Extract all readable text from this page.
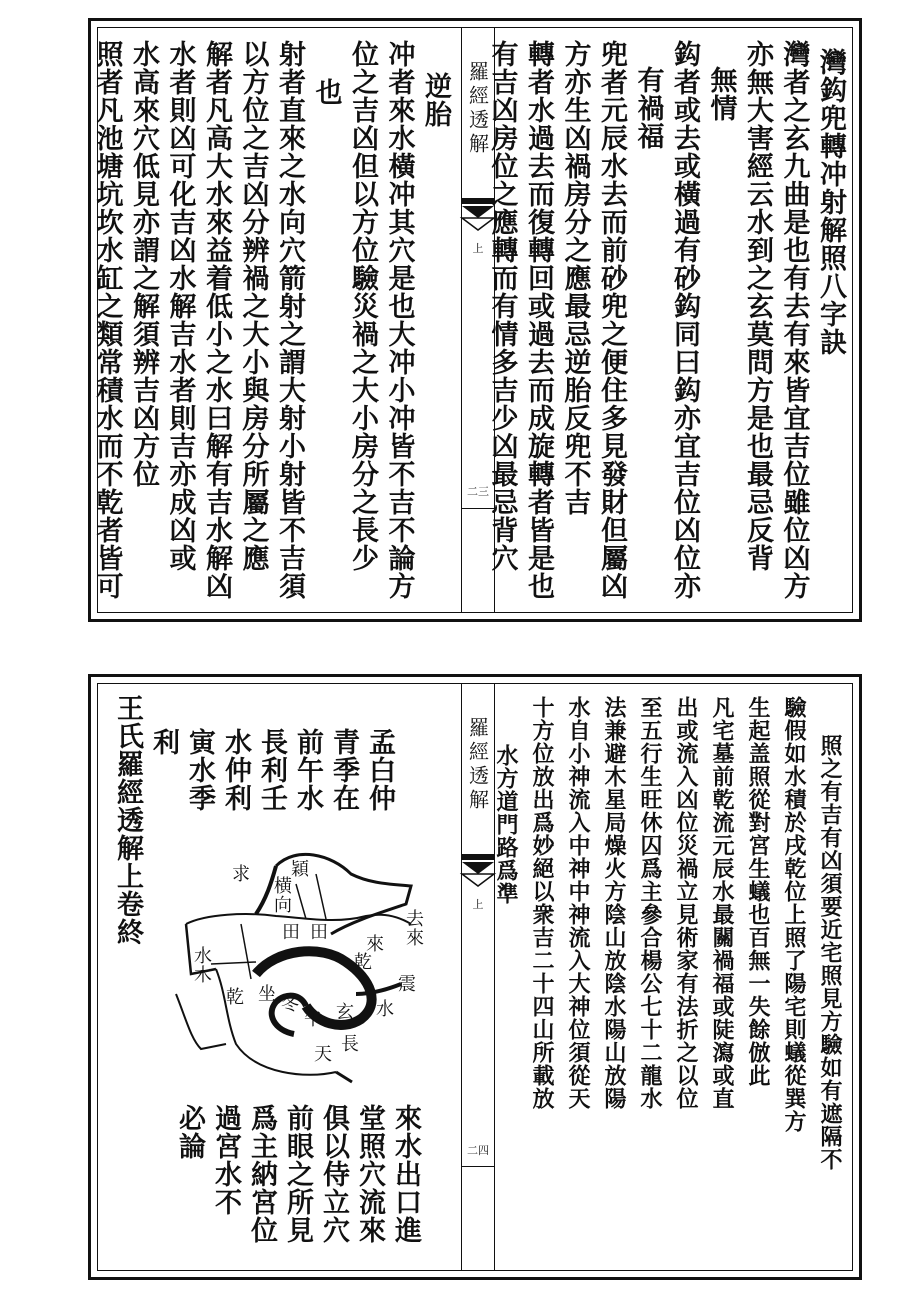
逆胎
冲者來水橫冲其穴是也大冲小冲皆不吉不論方
位之吉凶但以方位驗災禍之大小房分之長少
也
射者直來之水向穴箭射之謂大射小射皆不吉須
以方位之吉凶分辨禍之大小與房分所屬之應
解者凡高大水來益着低小之水曰解有吉水解凶
水者則凶可化吉凶水解吉水者則吉亦成凶或
水高來穴低見亦謂之解須辨吉凶方位
照者凡池塘坑坎水缸之類常積水而不亁者皆可	羅經透解
上
二三
灣鈎兜轉冲射解照八字訣
灣者之玄九曲是也有去有來皆宜吉位雖位凶方
亦無大害經云水到之玄莫問方是也最忌反背
無情
鈎者或去或橫過有砂鈎同曰鈎亦宜吉位凶位亦
有禍福
兜者元辰水去而前砂兜之便住多見發財但屬凶
方亦生凶禍房分之應最忌逆胎反兜不吉
轉者水過去而復轉回或過去而成旋轉者皆是也
有吉凶房位之應轉而有情多吉少凶最忌背穴
孟白仲
青季在
前午水
長利壬
水仲利
寅水季
利
王氏羅經透解上卷終
來水出口進
堂照穴流來
俱以侍立穴
前眼之所見
爲主納宮位
過宮水不
必論
穎
横向
求
田
田	去來
來
乾
水木
乾 冬
午 玄
震
水
長
天
坐
羅經透解
上
二四	照之有吉有凶須要近宅照見方驗如有遮隔不
驗假如水積於戌乾位上照了陽宅則蟻從巽方
生起盖照從對宮生蟻也百無一失餘倣此
凡宅墓前亁流元辰水最關禍福或陡瀉或直
出或流入凶位災禍立見術家有法折之以位
至五行生旺休囚爲主參合楊公七十二龍水
法兼避木星局燥火方陰山放陰水陽山放陽
水自小神流入中神中神流入大神位須從天
十方位放出爲妙絕以衆吉二十四山所載放
水方道門路爲準
